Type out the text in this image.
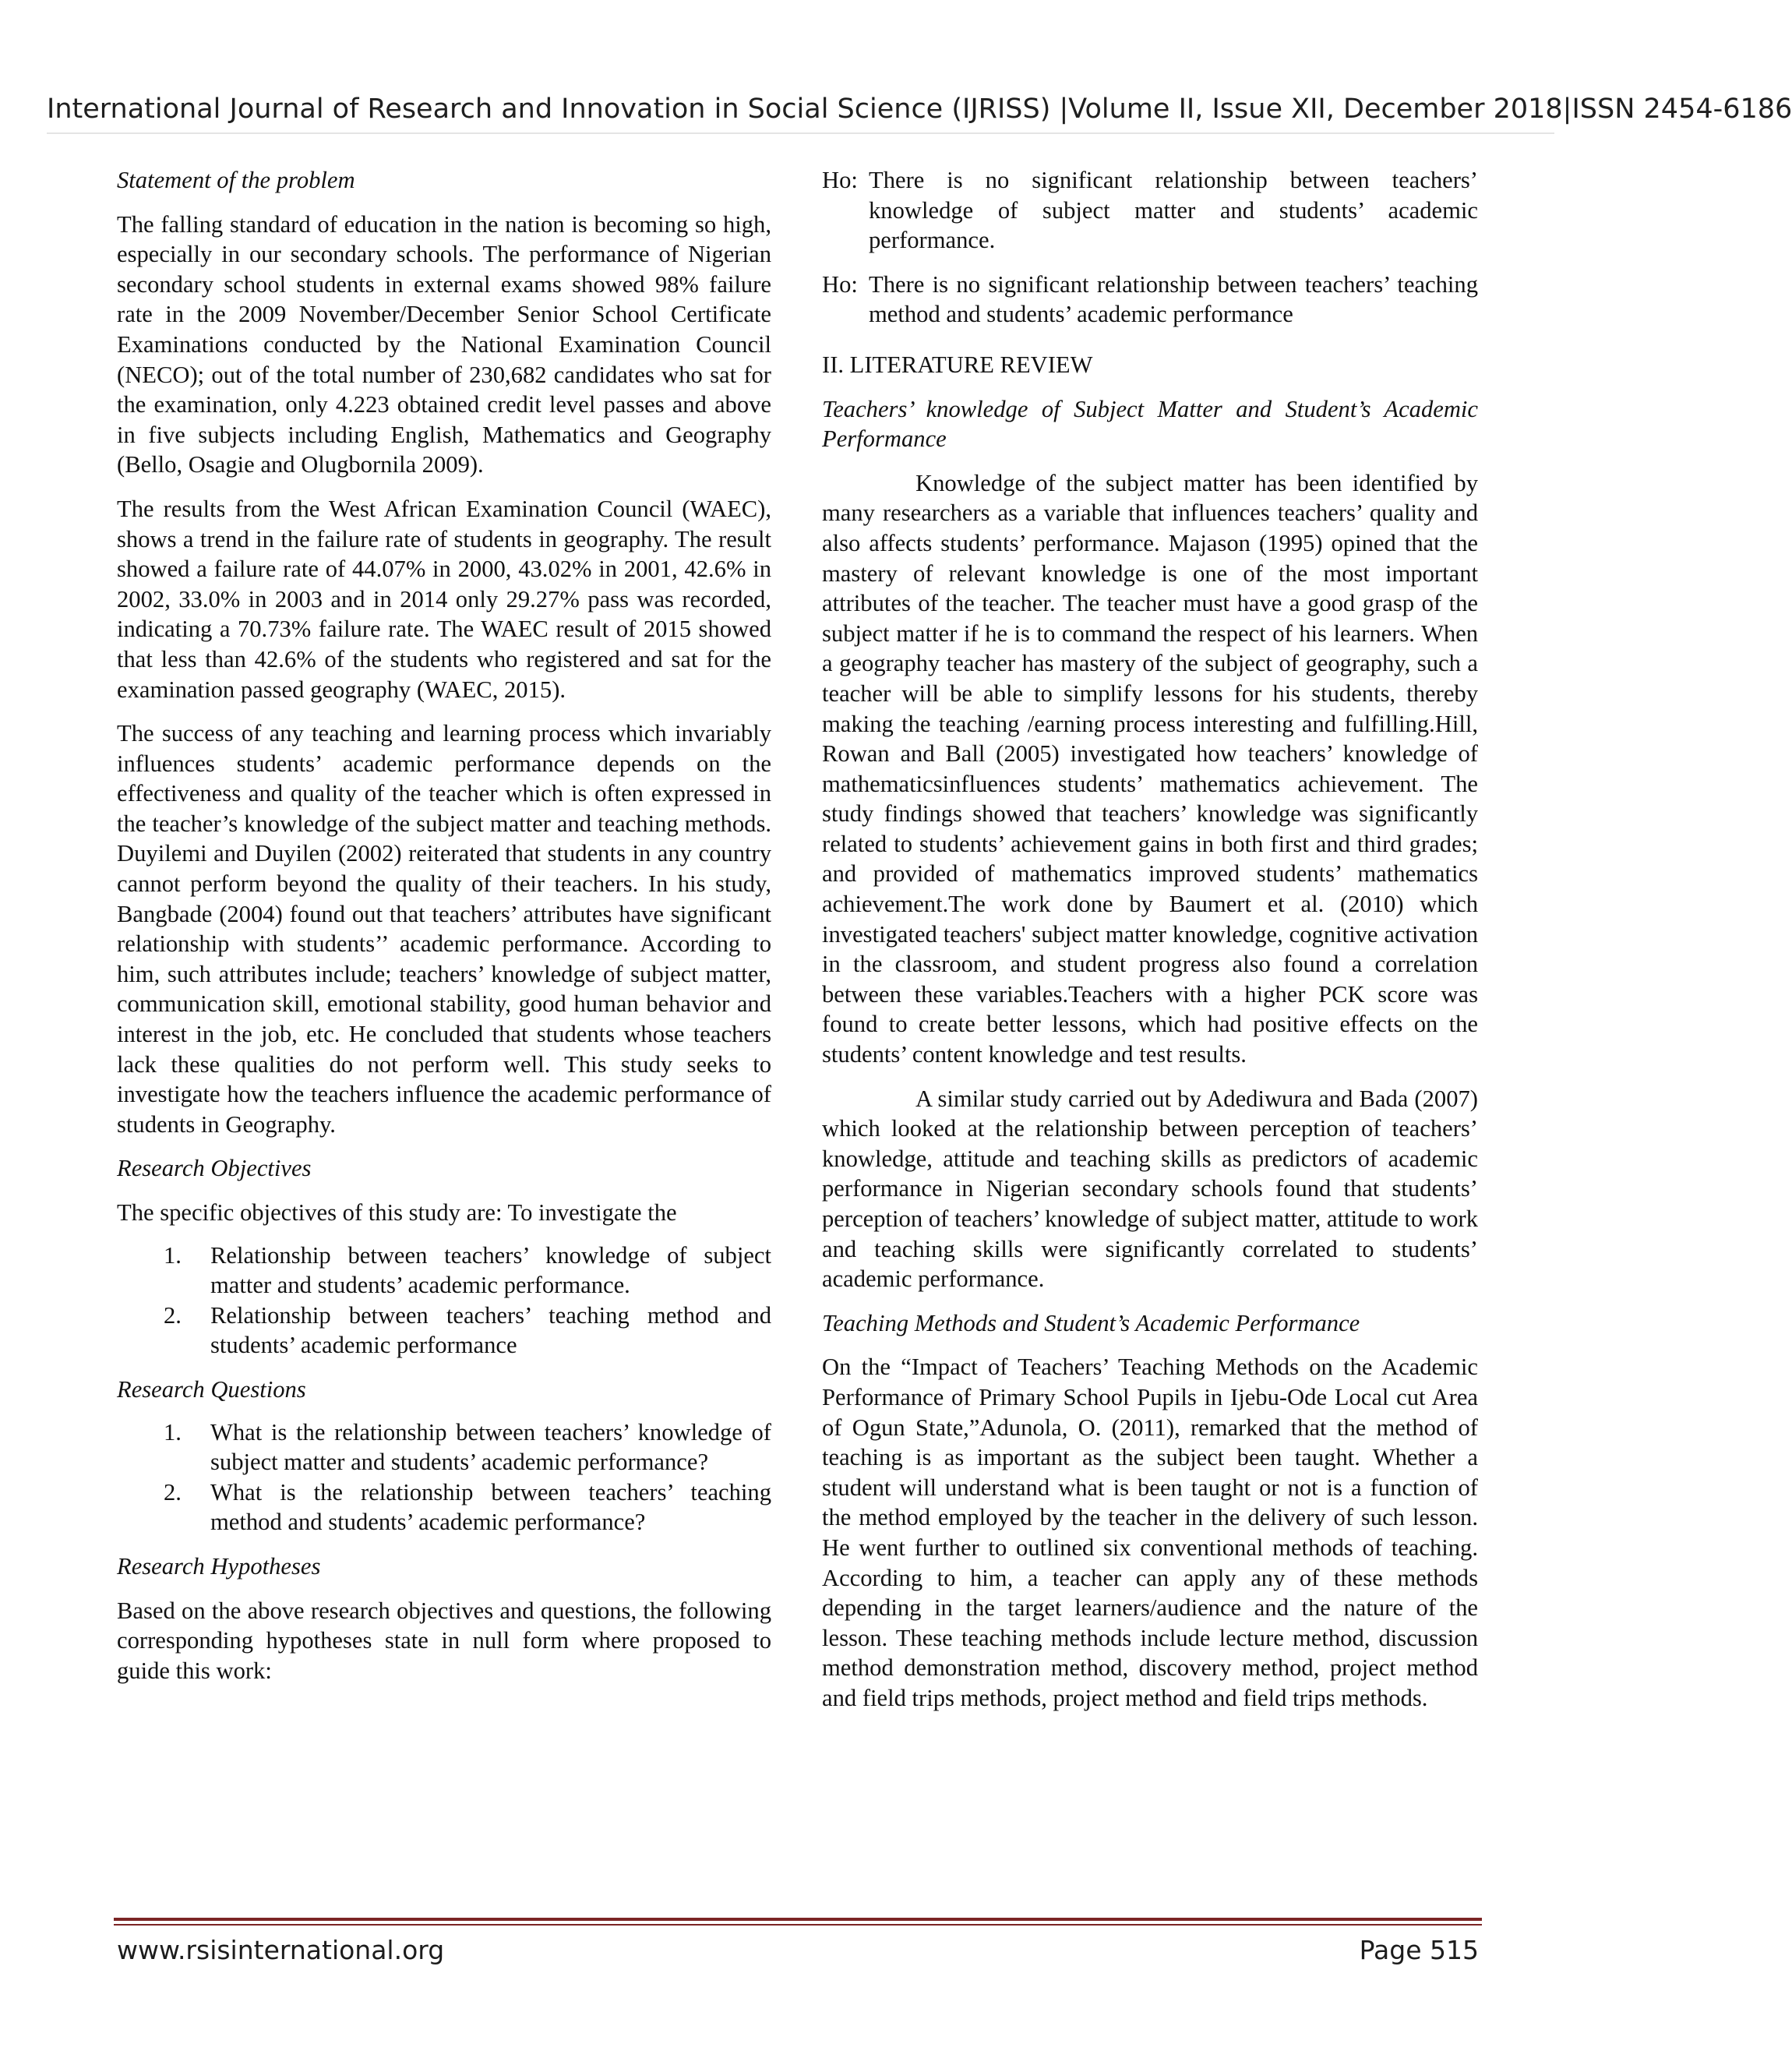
International Journal of Research and Innovation in Social Science (IJRISS) |Volume II, Issue XII, December 2018|ISSN 2454-6186

Statement of the problem

The falling standard of education in the nation is becoming so high, especially in our secondary schools. The performance of Nigerian secondary school students in external exams showed 98% failure rate in the 2009 November/December Senior School Certificate Examinations conducted by the National Examination Council (NECO); out of the total number of 230,682 candidates who sat for the examination, only 4.223 obtained credit level passes and above in five subjects including English, Mathematics and Geography (Bello, Osagie and Olugbornila 2009).

The results from the West African Examination Council (WAEC), shows a trend in the failure rate of students in geography. The result showed a failure rate of 44.07% in 2000, 43.02% in 2001, 42.6% in 2002, 33.0% in 2003 and in 2014 only 29.27% pass was recorded, indicating a 70.73% failure rate. The WAEC result of 2015 showed that less than 42.6% of the students who registered and sat for the examination passed geography (WAEC, 2015).

The success of any teaching and learning process which invariably influences students’ academic performance depends on the effectiveness and quality of the teacher which is often expressed in the teacher’s knowledge of the subject matter and teaching methods. Duyilemi and Duyilen (2002) reiterated that students in any country cannot perform beyond the quality of their teachers. In his study, Bangbade (2004) found out that teachers’ attributes have significant relationship with students’’ academic performance. According to him, such attributes include; teachers’ knowledge of subject matter, communication skill, emotional stability, good human behavior and interest in the job, etc. He concluded that students whose teachers lack these qualities do not perform well. This study seeks to investigate how the teachers influence the academic performance of students in Geography.

Research Objectives

The specific objectives of this study are: To investigate the

1. Relationship between teachers’ knowledge of subject matter and students’ academic performance.
2. Relationship between teachers’ teaching method and students’ academic performance

Research Questions

1. What is the relationship between teachers’ knowledge of subject matter and students’ academic performance?
2. What is the relationship between teachers’ teaching method and students’ academic performance?

Research Hypotheses

Based on the above research objectives and questions, the following corresponding hypotheses state in null form where proposed to guide this work:

Ho: There is no significant relationship between teachers’ knowledge of subject matter and students’ academic performance.

Ho: There is no significant relationship between teachers’ teaching method and students’ academic performance

II. LITERATURE REVIEW

Teachers’ knowledge of Subject Matter and Student’s Academic Performance

Knowledge of the subject matter has been identified by many researchers as a variable that influences teachers’ quality and also affects students’ performance. Majason (1995) opined that the mastery of relevant knowledge is one of the most important attributes of the teacher. The teacher must have a good grasp of the subject matter if he is to command the respect of his learners. When a geography teacher has mastery of the subject of geography, such a teacher will be able to simplify lessons for his students, thereby making the teaching /earning process interesting and fulfilling.Hill, Rowan and Ball (2005) investigated how teachers’ knowledge of mathematicsinfluences students’ mathematics achievement. The study findings showed that teachers’ knowledge was significantly related to students’ achievement gains in both first and third grades; and provided of mathematics improved students’ mathematics achievement.The work done by Baumert et al. (2010) which investigated teachers' subject matter knowledge, cognitive activation in the classroom, and student progress also found a correlation between these variables.Teachers with a higher PCK score was found to create better lessons, which had positive effects on the students’ content knowledge and test results.

A similar study carried out by Adediwura and Bada (2007) which looked at the relationship between perception of teachers’ knowledge, attitude and teaching skills as predictors of academic performance in Nigerian secondary schools found that students’ perception of teachers’ knowledge of subject matter, attitude to work and teaching skills were significantly correlated to students’ academic performance.

Teaching Methods and Student’s Academic Performance

On the “Impact of Teachers’ Teaching Methods on the Academic Performance of Primary School Pupils in Ijebu-Ode Local cut Area of Ogun State,”Adunola, O. (2011), remarked that the method of teaching is as important as the subject been taught. Whether a student will understand what is been taught or not is a function of the method employed by the teacher in the delivery of such lesson. He went further to outlined six conventional methods of teaching. According to him, a teacher can apply any of these methods depending in the target learners/audience and the nature of the lesson. These teaching methods include lecture method, discussion method demonstration method, discovery method, project method and field trips methods, project method and field trips methods.

www.rsisinternational.org	Page 515
